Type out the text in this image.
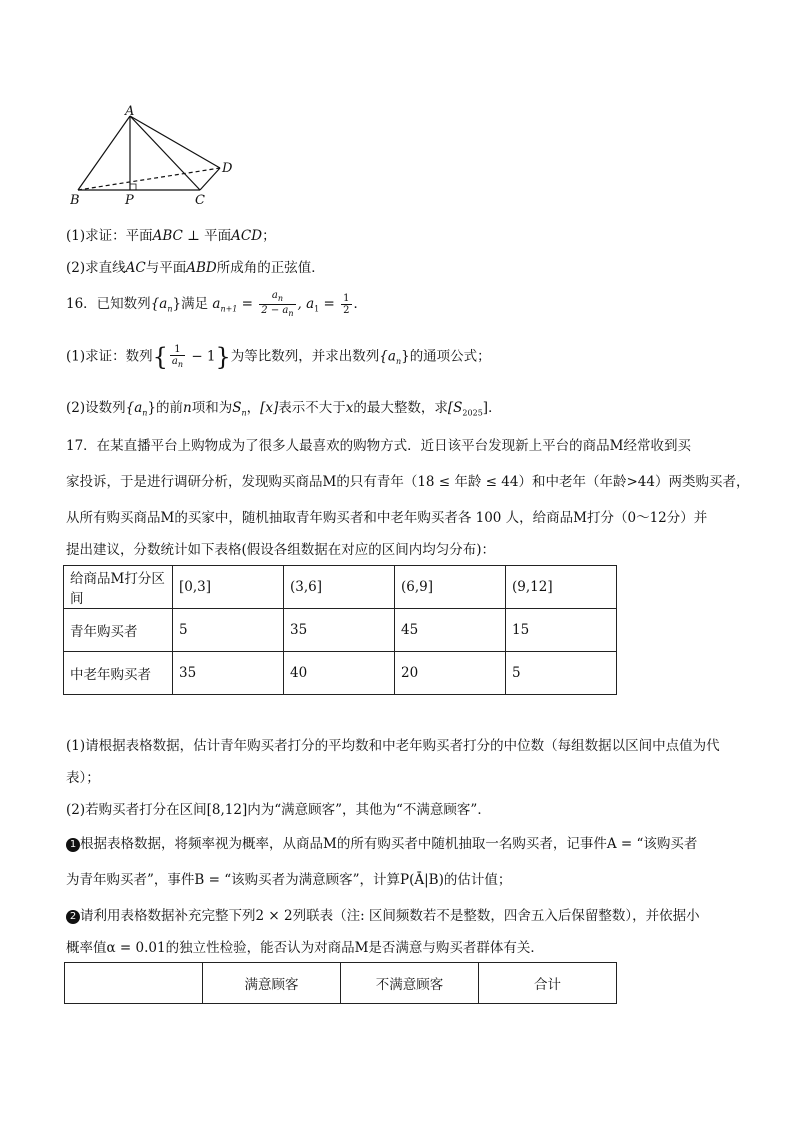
A
B	P	C
D
(1)求证：平面ABC ⊥ 平面ACD；
(2)求直线AC与平面ABD所成角的正弦值．
16．已知数列$\{a_n\}$满足 $a_{n+1} = \frac{a_n}{2 - a_n}$ , $a_1 = \frac{1}{2}$ ．
(1)求证：数列{ $\frac{1}{a_n} - 1$}为等比数列，并求出数列$\{a_n\}$的通项公式；
(2)设数列$\{a_n\}$的前n项和为$S_n$，[x]表示不大于x的最大整数，求$[S_{2025}]$．
17．在某直播平台上购物成为了很多人最喜欢的购物方式．近日该平台发现新上平台的商品M经常收到买
家投诉，于是进行调研分析，发现购买商品M的只有青年（18 ≤ 年龄 ≤ 44）和中老年（年龄>44）两类购买者，
从所有购买商品M的买家中，随机抽取青年购买者和中老年购买者各 100 人，给商品M打分（0～12分）并
提出建议，分数统计如下表格(假设各组数据在对应的区间内均匀分布)：
给商品M打分区间	[0,3]	(3,6]	(6,9]	(9,12]
青年购买者	5	35	45	15
中老年购买者	35	40	20	5
(1)请根据表格数据，估计青年购买者打分的平均数和中老年购买者打分的中位数（每组数据以区间中点值为代表）；
(2)若购买者打分在区间[8,12]内为“满意顾客”，其他为“不满意顾客”．
1 根据表格数据，将频率视为概率，从商品M的所有购买者中随机抽取一名购买者，记事件A = “该购买者
为青年购买者”，事件B = “该购买者为满意顾客”，计算P(Ā|B)的估计值；
2 请利用表格数据补充完整下列2 × 2列联表（注: 区间频数若不是整数，四舍五入后保留整数），并依据小
概率值α = 0.01的独立性检验，能否认为对商品M是否满意与购买者群体有关．
	满意顾客	不满意顾客	合计
